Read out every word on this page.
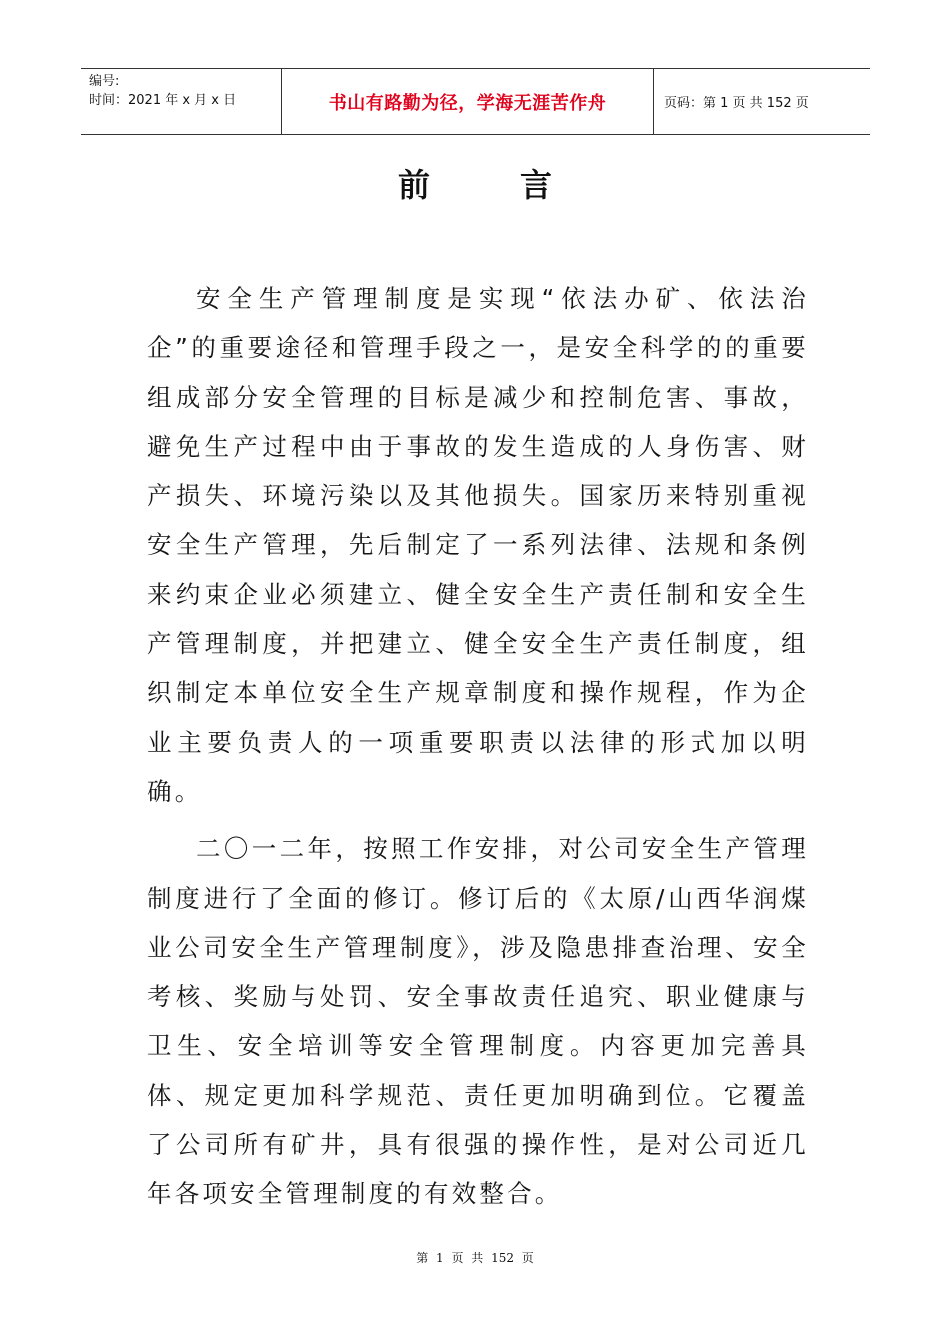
编号:
时间：2021 年 x 月 x 日	书山有路勤为径，学海无涯苦作舟	页码：第 1 页 共 152 页
前言

安全生产管理制度是实现“依法办矿、依法治企”的重要途径和管理手段之一，是安全科学的的重要组成部分安全管理的目标是减少和控制危害、事故，避免生产过程中由于事故的发生造成的人身伤害、财产损失、环境污染以及其他损失。国家历来特别重视安全生产管理，先后制定了一系列法律、法规和条例来约束企业必须建立、健全安全生产责任制和安全生产管理制度，并把建立、健全安全生产责任制度，组织制定本单位安全生产规章制度和操作规程，作为企业主要负责人的一项重要职责以法律的形式加以明确。

二〇一二年，按照工作安排，对公司安全生产管理制度进行了全面的修订。修订后的《太原/山西华润煤业公司安全生产管理制度》，涉及隐患排查治理、安全考核、奖励与处罚、安全事故责任追究、职业健康与卫生、安全培训等安全管理制度。内容更加完善具体、规定更加科学规范、责任更加明确到位。它覆盖了公司所有矿井，具有很强的操作性，是对公司近几年各项安全管理制度的有效整合。

第 1 页 共 152 页
